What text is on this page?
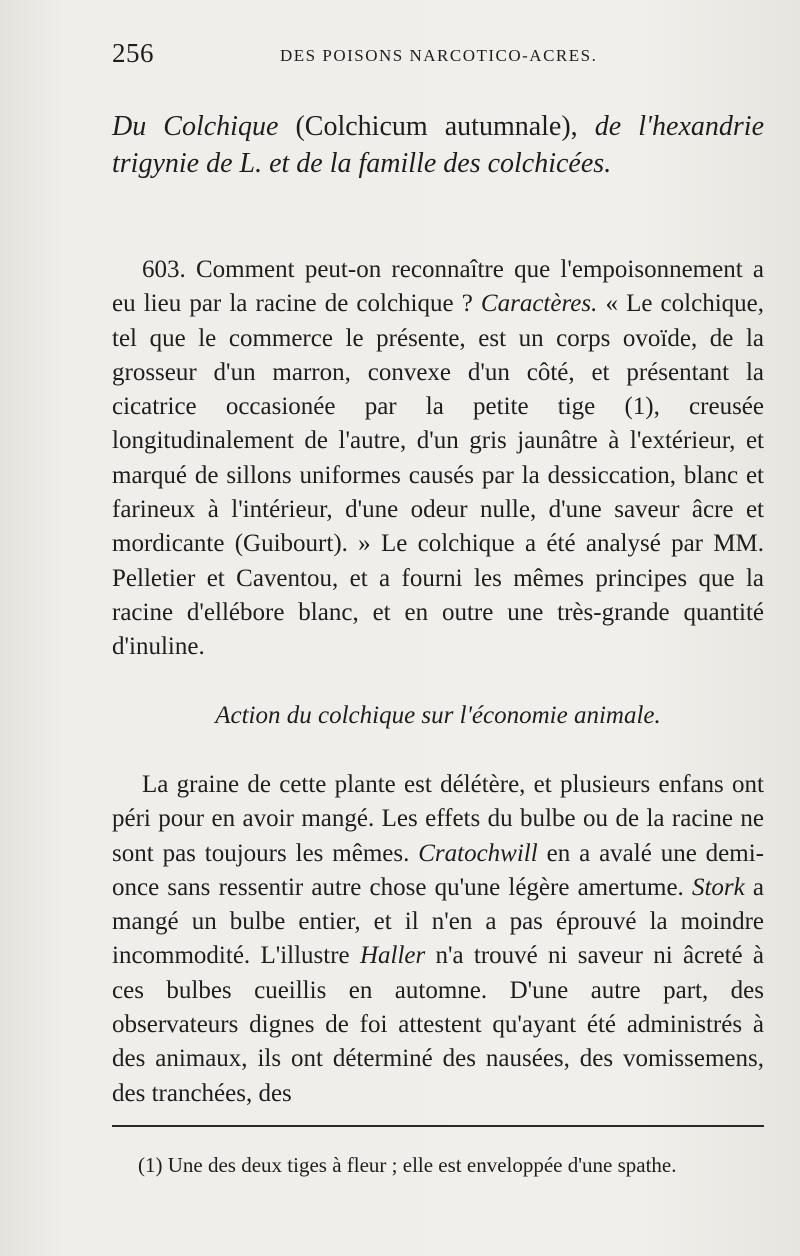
256	DES POISONS NARCOTICO-ACRES.
Du Colchique (Colchicum autumnale), de l'hexandrie trigynie de L. et de la famille des colchicées.
603. Comment peut-on reconnaître que l'empoisonnement a eu lieu par la racine de colchique ? Caractères. « Le colchique, tel que le commerce le présente, est un corps ovoïde, de la grosseur d'un marron, convexe d'un côté, et présentant la cicatrice occasionée par la petite tige (1), creusée longitudinalement de l'autre, d'un gris jaunâtre à l'extérieur, et marqué de sillons uniformes causés par la dessiccation, blanc et farineux à l'intérieur, d'une odeur nulle, d'une saveur âcre et mordicante (Guibourt). » Le colchique a été analysé par MM. Pelletier et Caventou, et a fourni les mêmes principes que la racine d'ellébore blanc, et en outre une très-grande quantité d'inuline.
Action du colchique sur l'économie animale.
La graine de cette plante est délétère, et plusieurs enfans ont péri pour en avoir mangé. Les effets du bulbe ou de la racine ne sont pas toujours les mêmes. Cratochwill en a avalé une demi-once sans ressentir autre chose qu'une légère amertume. Stork a mangé un bulbe entier, et il n'en a pas éprouvé la moindre incommodité. L'illustre Haller n'a trouvé ni saveur ni âcreté à ces bulbes cueillis en automne. D'une autre part, des observateurs dignes de foi attestent qu'ayant été administrés à des animaux, ils ont déterminé des nausées, des vomissemens, des tranchées, des
(1) Une des deux tiges à fleur ; elle est enveloppée d'une spathe.
